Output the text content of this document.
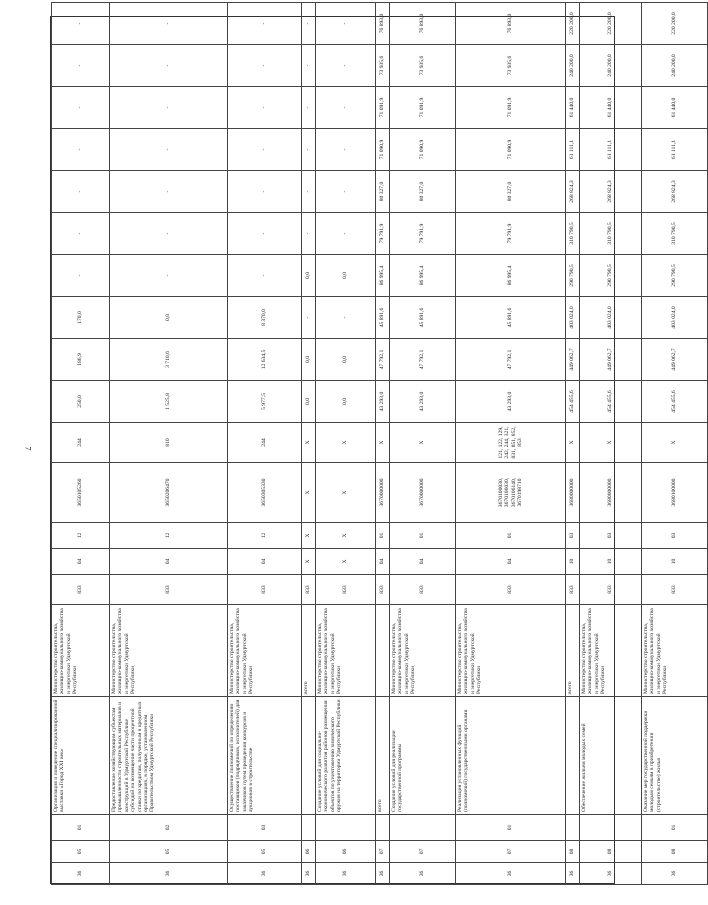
7
36	05	01	Организация и поведение специализированной выставки «Город XXI век»	Министерство строительства, жилищно-коммунального хозяйства и энергетики Удмуртской Республики	833	04	12	3650105260	244	250,0	186,9	170,0	-	-	-	-	-	-	-
36	05	02	Предоставление хозяйствующим субъектам промышленности строительных материалов и конструкций в Удмуртской Республике субсидий на возмещение части процентной ставки по кредитам, полученным в кредитных организациях, в порядке, установленном Правительством Удмуртской Республики	Министерство строительства, жилищно-коммунального хозяйства и энергетики Удмуртской Республики	833	04	12	3650206470	810	1 525,8	3 710,6	0,0	-	-	-	-	-	-	-
36	05	03	Осуществление полномочий по определению поставщиков (подрядчиков, исполнителей) для заказчиков путем проведения конкурсов и аукционов в строительстве	Министерство строительства, жилищно-коммунального хозяйства и энергетики Удмуртской Республики	833	04	12	3650305330	244	5 977,5	12 634,5	8 370,0	-	-	-	-	-	-	-
36	06			всего	833	X	X	X	X	0,0	0,0	-	0,0	-	-	-	-	-	-
36	06		Создание условий для социально-экономического развития районов размещения объектов по уничтожению химического оружия на территории Удмуртской Республики	Министерство строительства, жилищно-коммунального хозяйства и энергетики Удмуртской Республики	833	X	X	X	X	0,0	0,0	-	0,0	-	-	-	-	-	-
36	07		всего		833	04	01	3670000000	X	43 293,0	47 792,1	45 891,6	86 995,4	79 791,9	80 327,0	71 090,9	71 091,9	73 935,6	76 893,0
36	07		Создание условий для реализации государственной программы	Министерство строительства, жилищно-коммунального хозяйства и энергетики Удмуртской Республики	833	04	01	3670000000	X	43 293,0	47 792,1	45 891,6	86 995,4	79 791,9	80 327,0	71 090,9	71 091,9	73 935,6	76 893,0
36	07	01	Реализация установленных функций (полномочий) государственными органами	Министерство строительства, жилищно-коммунального хозяйства и энергетики Удмуртской Республики	833	04	01	3670100030, 3670106030, 3670106140, 3670198710	121, 122, 129, 242, 244, 321, 831, 851, 852, 853	43 293,0	47 792,1	45 891,6	86 995,4	79 791,9	80 327,0	71 090,9	71 091,9	73 935,6	76 893,0
36	08			всего	833	10	03	3680000000	X	454 455,6	449 062,7	403 024,0	290 790,5	310 790,5	268 824,3	61 111,1	61 440,0	240 200,0	220 200,0
36	08		Обеспечение жильем молодых семей	Министерство строительства, жилищно-коммунального хозяйства и энергетики Удмуртской Республики	833	10	03	3680000000	X	454 455,6	449 062,7	403 024,0	290 790,5	310 790,5	268 824,3	61 111,1	61 440,0	240 200,0	220 200,0
36	08	01	Оказание мер государственной поддержки молодым семьям в приобретении (строительстве) жилья	Министерство строительства, жилищно-коммунального хозяйства и энергетики Удмуртской Республики	833	10	03	3680100000	X	454 455,6	449 062,7	403 024,0	290 790,5	310 790,5	268 824,3	61 111,1	61 440,0	240 200,0	220 200,0
